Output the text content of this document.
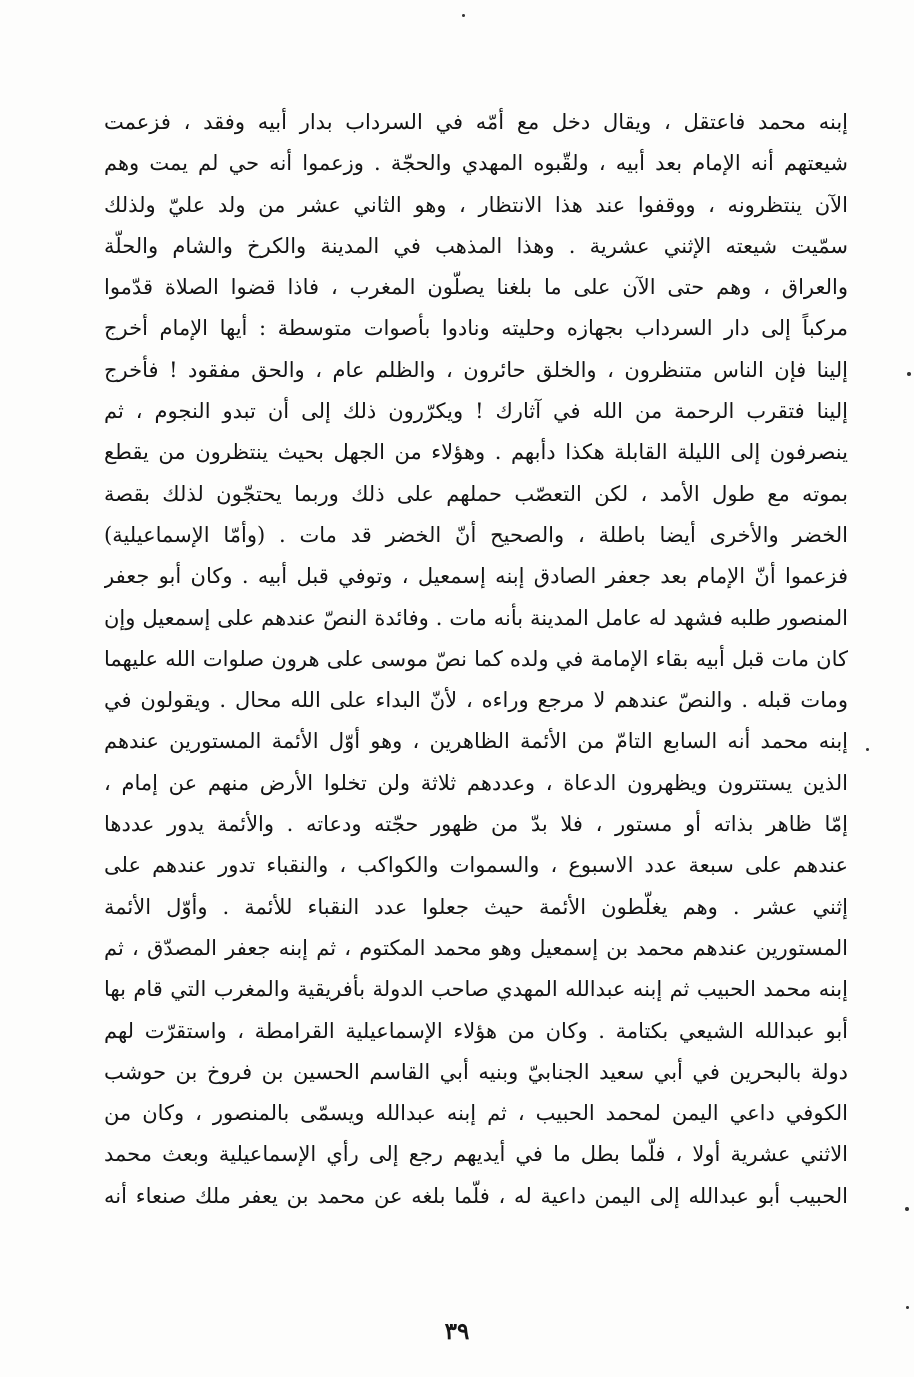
إبنه محمد فاعتقل ، ويقال دخل مع أمّه في السرداب بدار أبيه وفقد ، فزعمت
شيعتهم أنه الإمام بعد أبيه ، ولقّبوه المهدي والحجّة . وزعموا أنه حي لم يمت وهم
الآن ينتظرونه ، ووقفوا عند هذا الانتظار ، وهو الثاني عشر من ولد عليّ ولذلك
سمّيت شيعته الإثني عشرية . وهذا المذهب في المدينة والكرخ والشام والحلّة
والعراق ، وهم حتى الآن على ما بلغنا يصلّون المغرب ، فاذا قضوا الصلاة قدّموا
مركباً إلى دار السرداب بجهازه وحليته ونادوا بأصوات متوسطة : أيها الإمام أخرج
إلينا فإن الناس متنظرون ، والخلق حائرون ، والظلم عام ، والحق مفقود ! فأخرج
إلينا فتقرب الرحمة من الله في آثارك ! ويكرّرون ذلك إلى أن تبدو النجوم ، ثم
ينصرفون إلى الليلة القابلة هكذا دأبهم . وهؤلاء من الجهل بحيث ينتظرون من يقطع
بموته مع طول الأمد ، لكن التعصّب حملهم على ذلك وربما يحتجّون لذلك بقصة
الخضر والأخرى أيضا باطلة ، والصحيح أنّ الخضر قد مات . (وأمّا الإسماعيلية)
فزعموا أنّ الإمام بعد جعفر الصادق إبنه إسمعيل ، وتوفي قبل أبيه . وكان أبو جعفر
المنصور طلبه فشهد له عامل المدينة بأنه مات . وفائدة النصّ عندهم على إسمعيل وإن
كان مات قبل أبيه بقاء الإمامة في ولده كما نصّ موسى على هرون صلوات الله عليهما
ومات قبله . والنصّ عندهم لا مرجع وراءه ، لأنّ البداء على الله محال . ويقولون في
إبنه محمد أنه السابع التامّ من الأئمة الظاهرين ، وهو أوّل الأئمة المستورين عندهم
الذين يستترون ويظهرون الدعاة ، وعددهم ثلاثة ولن تخلوا الأرض منهم عن إمام ،
إمّا ظاهر بذاته أو مستور ، فلا بدّ من ظهور حجّته ودعاته . والأئمة يدور عددها
عندهم على سبعة عدد الاسبوع ، والسموات والكواكب ، والنقباء تدور عندهم على
إثني عشر . وهم يغلّطون الأئمة حيث جعلوا عدد النقباء للأئمة . وأوّل الأئمة
المستورين عندهم محمد بن إسمعيل وهو محمد المكتوم ، ثم إبنه جعفر المصدّق ، ثم
إبنه محمد الحبيب ثم إبنه عبدالله المهدي صاحب الدولة بأفريقية والمغرب التي قام بها
أبو عبدالله الشيعي بكتامة . وكان من هؤلاء الإسماعيلية القرامطة ، واستقرّت لهم
دولة بالبحرين في أبي سعيد الجنابيّ وبنيه أبي القاسم الحسين بن فروخ بن حوشب
الكوفي داعي اليمن لمحمد الحبيب ، ثم إبنه عبدالله ويسمّى بالمنصور ، وكان من
الاثني عشرية أولا ، فلّما بطل ما في أيديهم رجع إلى رأي الإسماعيلية وبعث محمد
الحبيب أبو عبدالله إلى اليمن داعية له ، فلّما بلغه عن محمد بن يعفر ملك صنعاء أنه
٣٩
